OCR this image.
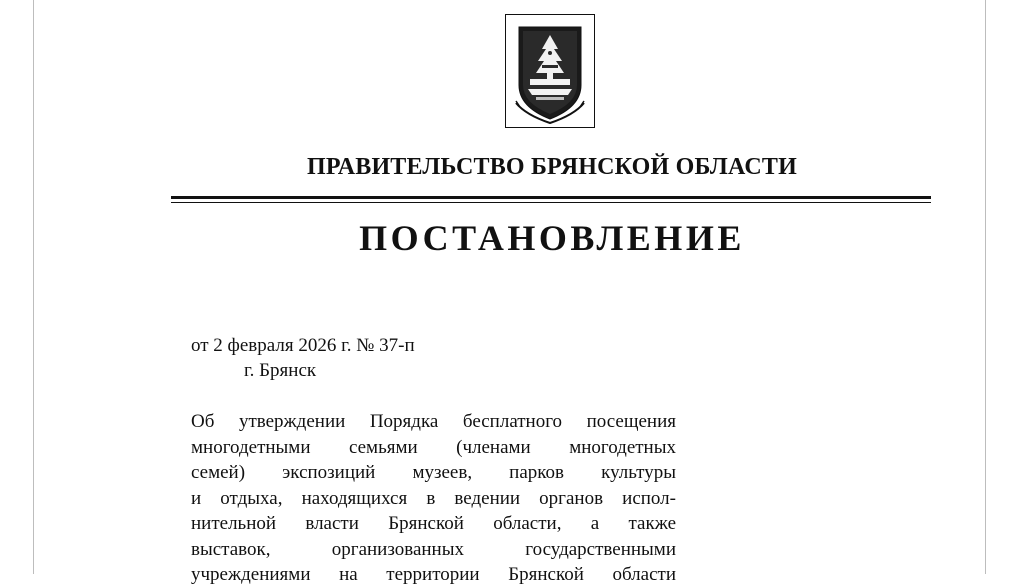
ПРАВИТЕЛЬСТВО БРЯНСКОЙ ОБЛАСТИ
ПОСТАНОВЛЕНИЕ
от 2 февраля 2026 г. № 37-п
г. Брянск
Об утверждении Порядка бесплатного посещения
многодетными семьями (членами многодетных
семей) экспозиций музеев, парков культуры
и отдыха, находящихся в ведении органов испол-
нительной власти Брянской области, а также
выставок, организованных государственными
учреждениями на территории Брянской области
